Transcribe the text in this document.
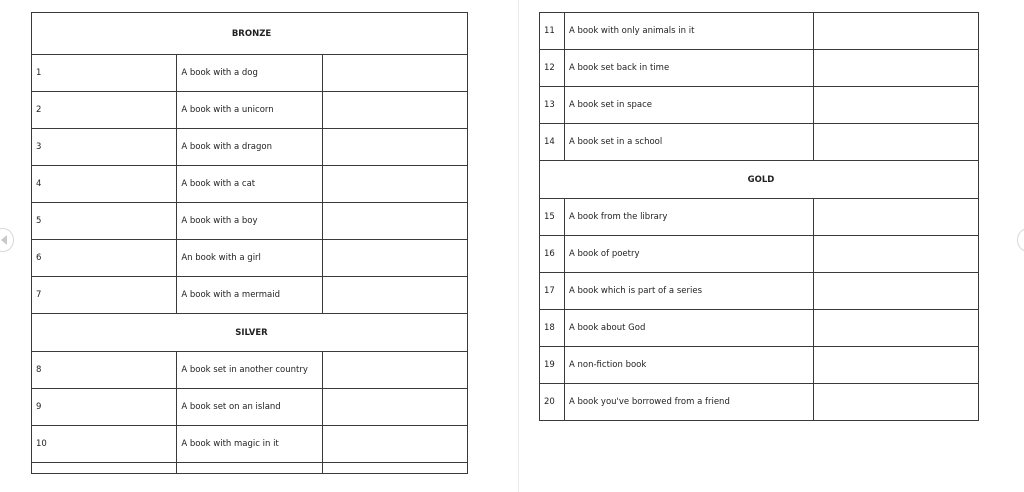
BRONZE		
1	A book with a dog	
2	A book with a unicorn	
3	A book with a dragon	
4	A book with a cat	
5	A book with a boy	
6	An book with a girl	
7	A book with a mermaid	
SILVER		
8	A book set in another country	
9	A book set on an island	
10	A book with magic in it	

11	A book with only animals in it	
12	A book set back in time	
13	A book set in space	
14	A book set in a school	
GOLD		
15	A book from the library	
16	A book of poetry	
17	A book which is part of a series	
18	A book about God	
19	A non-fiction book	
20	A book you've borrowed from a friend	
